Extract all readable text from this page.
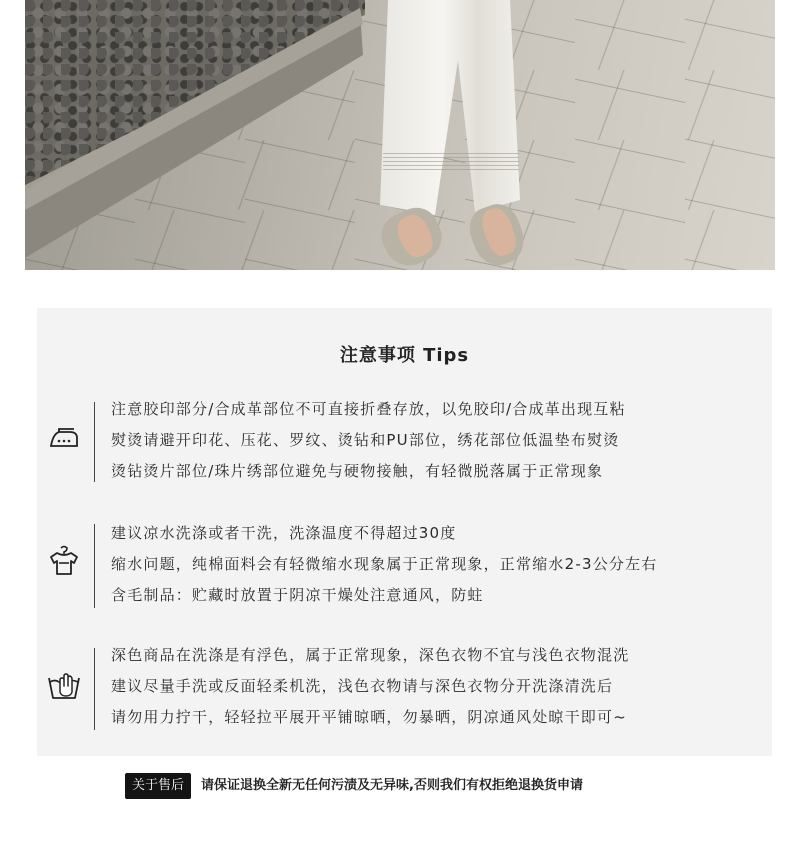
注意事项 Tips
注意胶印部分/合成革部位不可直接折叠存放，以免胶印/合成革出现互粘
熨烫请避开印花、压花、罗纹、烫钻和PU部位，绣花部位低温垫布熨烫
烫钻烫片部位/珠片绣部位避免与硬物接触，有轻微脱落属于正常现象
建议凉水洗涤或者干洗，洗涤温度不得超过30度
缩水问题，纯棉面料会有轻微缩水现象属于正常现象，正常缩水2-3公分左右
含毛制品：贮藏时放置于阴凉干燥处注意通风，防蛀
深色商品在洗涤是有浮色，属于正常现象，深色衣物不宜与浅色衣物混洗
建议尽量手洗或反面轻柔机洗，浅色衣物请与深色衣物分开洗涤清洗后
请勿用力拧干，轻轻拉平展开平铺晾晒，勿暴晒，阴凉通风处晾干即可~
关于售后	请保证退换全新无任何污渍及无异味,否则我们有权拒绝退换货申请
